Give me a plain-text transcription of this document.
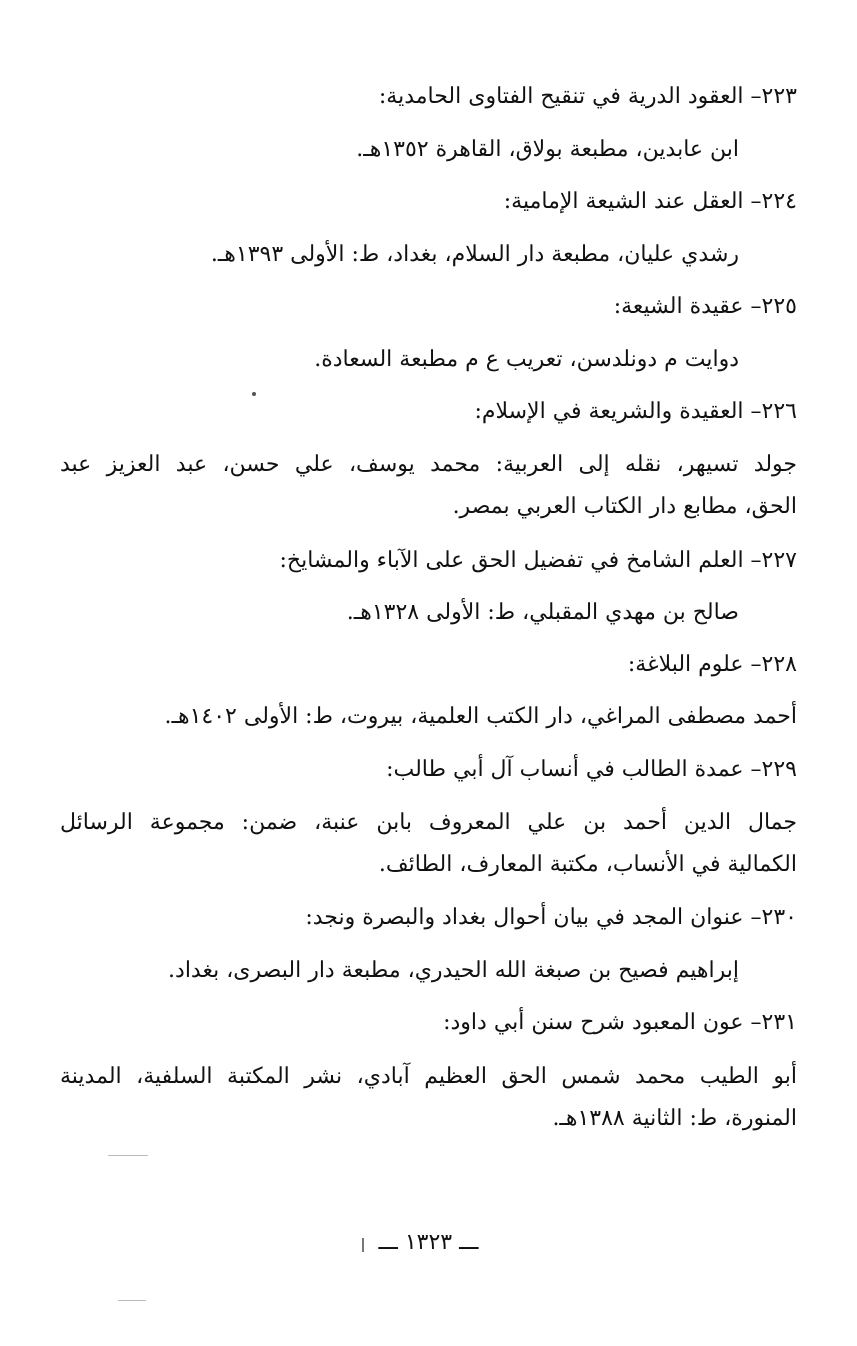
٢٢٣– العقود الدرية في تنقيح الفتاوى الحامدية:
ابن عابدين، مطبعة بولاق، القاهرة ١٣٥٢هـ.
٢٢٤– العقل عند الشيعة الإمامية:
رشدي عليان، مطبعة دار السلام، بغداد، ط: الأولى ١٣٩٣هـ.
٢٢٥– عقيدة الشيعة:
دوايت م دونلدسن، تعريب ع م مطبعة السعادة.
٢٢٦– العقيدة والشريعة في الإسلام:
جولد تسيهر، نقله إلى العربية: محمد يوسف، علي حسن، عبد العزيز عبد
الحق، مطابع دار الكتاب العربي بمصر.
٢٢٧– العلم الشامخ في تفضيل الحق على الآباء والمشايخ:
صالح بن مهدي المقبلي، ط: الأولى ١٣٢٨هـ.
٢٢٨– علوم البلاغة:
أحمد مصطفى المراغي، دار الكتب العلمية، بيروت، ط: الأولى ١٤٠٢هـ.
٢٢٩– عمدة الطالب في أنساب آل أبي طالب:
جمال الدين أحمد بن علي المعروف بابن عنبة، ضمن: مجموعة الرسائل
الكمالية في الأنساب، مكتبة المعارف، الطائف.
٢٣٠– عنوان المجد في بيان أحوال بغداد والبصرة ونجد:
إبراهيم فصيح بن صبغة الله الحيدري، مطبعة دار البصرى، بغداد.
٢٣١– عون المعبود شرح سنن أبي داود:
أبو الطيب محمد شمس الحق العظيم آبادي، نشر المكتبة السلفية، المدينة
المنورة، ط: الثانية ١٣٨٨هـ.
ـــ ١٣٢٣ ـــ
